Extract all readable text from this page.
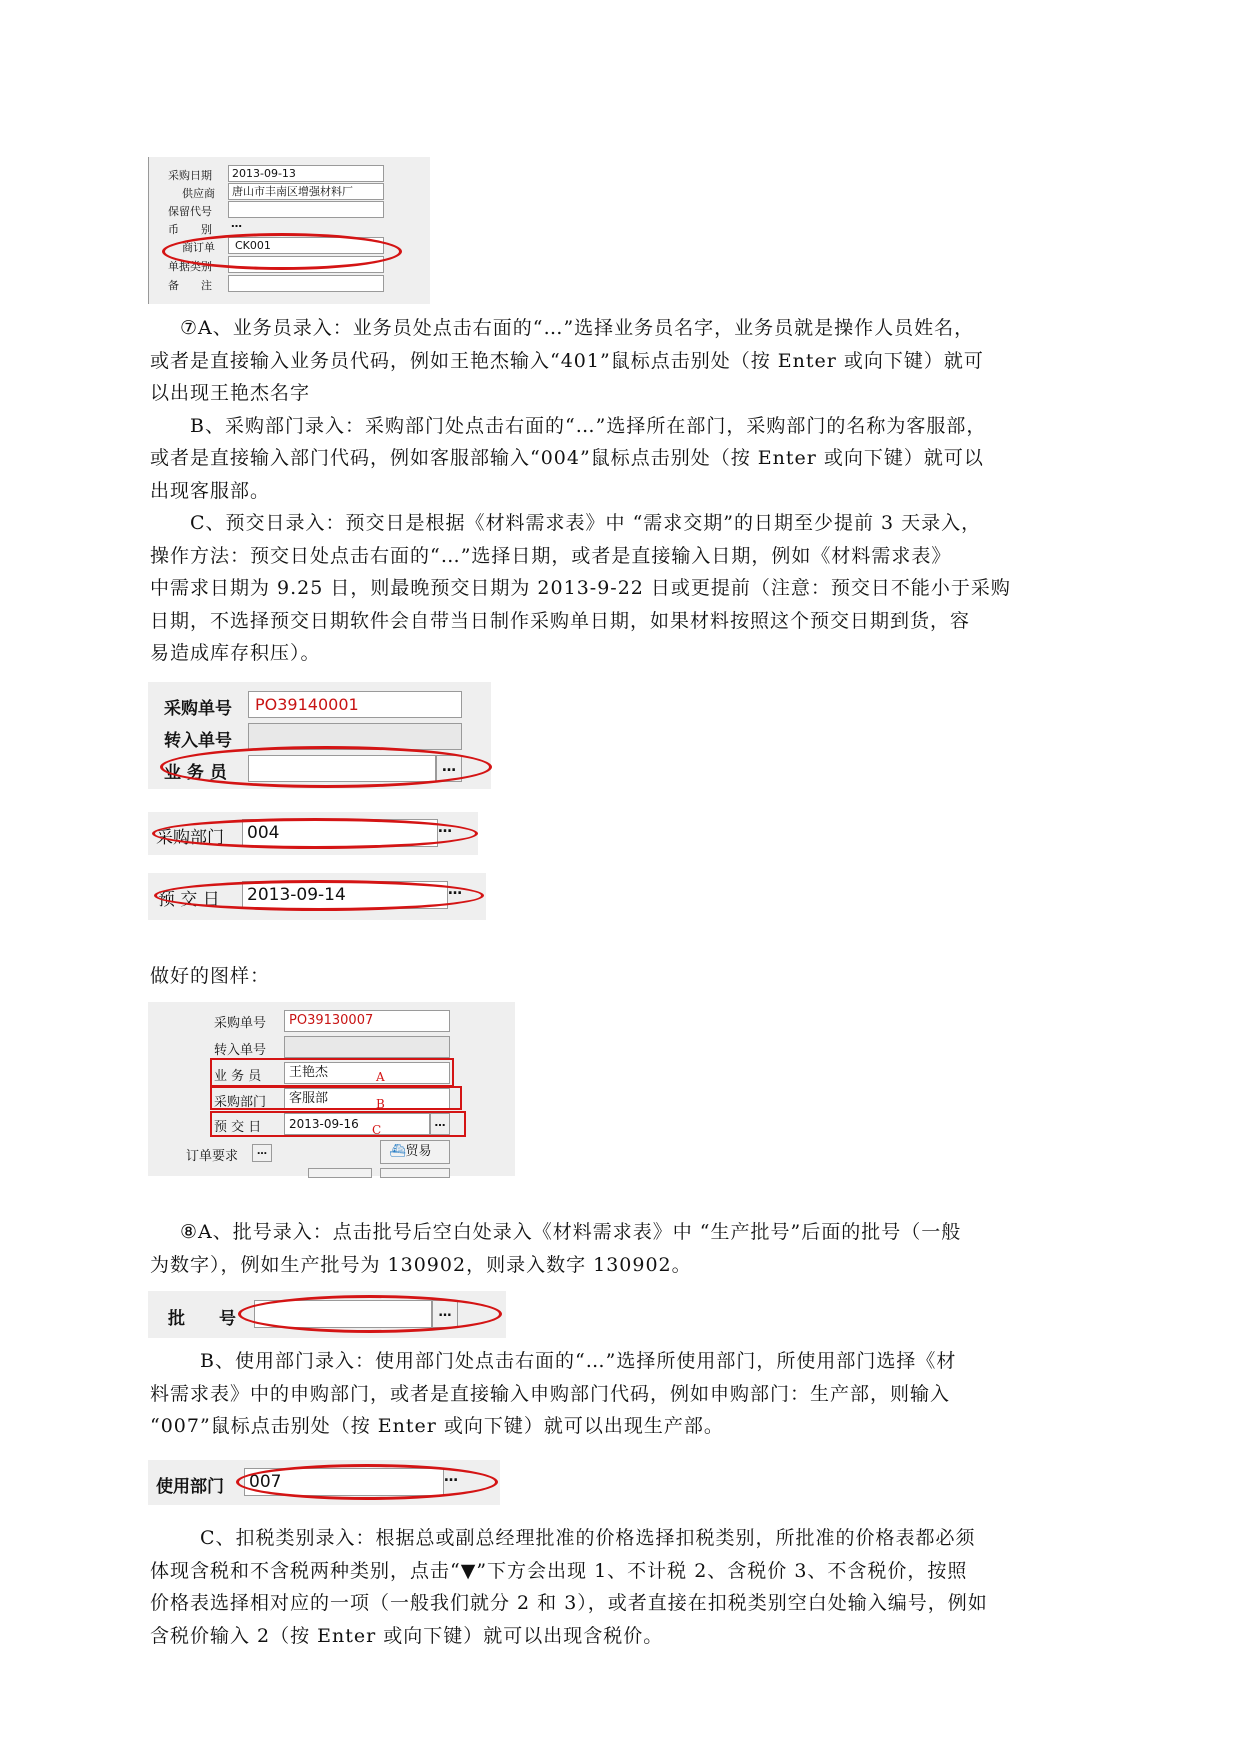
采购日期	2013-09-13
供应商	唐山市丰南区增强材料厂
保留代号
币　　别 …
商订单	CK001
单据类别
备　　注
⑦A、业务员录入：业务员处点击右面的“…”选择业务员名字，业务员就是操作人员姓名，
或者是直接输入业务员代码，例如王艳杰输入“401”鼠标点击别处（按 Enter 或向下键）就可
以出现王艳杰名字
B、采购部门录入：采购部门处点击右面的“…”选择所在部门，采购部门的名称为客服部，
或者是直接输入部门代码，例如客服部输入“004”鼠标点击别处（按 Enter 或向下键）就可以
出现客服部。
C、预交日录入：预交日是根据《材料需求表》中 “需求交期”的日期至少提前 3 天录入，
操作方法：预交日处点击右面的“…”选择日期，或者是直接输入日期，例如《材料需求表》
中需求日期为 9.25 日，则最晚预交日期为 2013-9-22 日或更提前（注意：预交日不能小于采购
日期，不选择预交日期软件会自带当日制作采购单日期，如果材料按照这个预交日期到货，容
易造成库存积压）。
采购单号	PO39140001
转入单号
业 务 员	…
采购部门 004	…
预 交 日 2013-09-14	…
做好的图样：
采购单号	PO39130007
转入单号
业 务 员	王艳杰	A
采购部门	客服部	B
预 交 日	2013-09-16	…
C
订单要求	…	⛴贸易
⑧A、批号录入：点击批号后空白处录入《材料需求表》中 “生产批号”后面的批号（一般
为数字），例如生产批号为 130902，则录入数字 130902。
批　　号	…
B、使用部门录入：使用部门处点击右面的“…”选择所使用部门，所使用部门选择《材
料需求表》中的申购部门，或者是直接输入申购部门代码，例如申购部门：生产部，则输入
“007”鼠标点击别处（按 Enter 或向下键）就可以出现生产部。
使用部门 007	…
C、扣税类别录入：根据总或副总经理批准的价格选择扣税类别，所批准的价格表都必须
体现含税和不含税两种类别，点击“▼”下方会出现 1、不计税 2、含税价 3、不含税价，按照
价格表选择相对应的一项（一般我们就分 2 和 3），或者直接在扣税类别空白处输入编号，例如
含税价输入 2（按 Enter 或向下键）就可以出现含税价。
